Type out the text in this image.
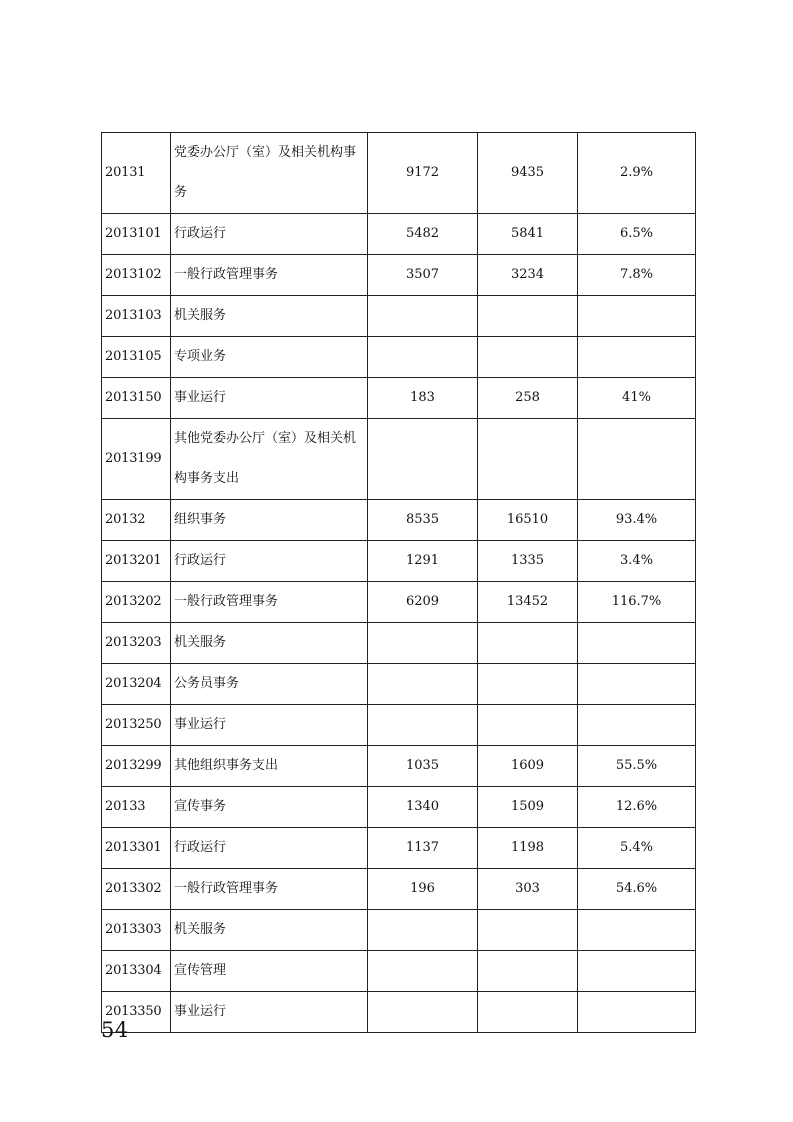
20131	党委办公厅（室）及相关机构事务	9172	9435	2.9%
2013101	行政运行	5482	5841	6.5%
2013102	一般行政管理事务	3507	3234	7.8%
2013103	机关服务			
2013105	专项业务			
2013150	事业运行	183	258	41%
2013199	其他党委办公厅（室）及相关机构事务支出			
20132	组织事务	8535	16510	93.4%
2013201	行政运行	1291	1335	3.4%
2013202	一般行政管理事务	6209	13452	116.7%
2013203	机关服务			
2013204	公务员事务			
2013250	事业运行			
2013299	其他组织事务支出	1035	1609	55.5%
20133	宣传事务	1340	1509	12.6%
2013301	行政运行	1137	1198	5.4%
2013302	一般行政管理事务	196	303	54.6%
2013303	机关服务			
2013304	宣传管理			
2013350	事业运行			
54
